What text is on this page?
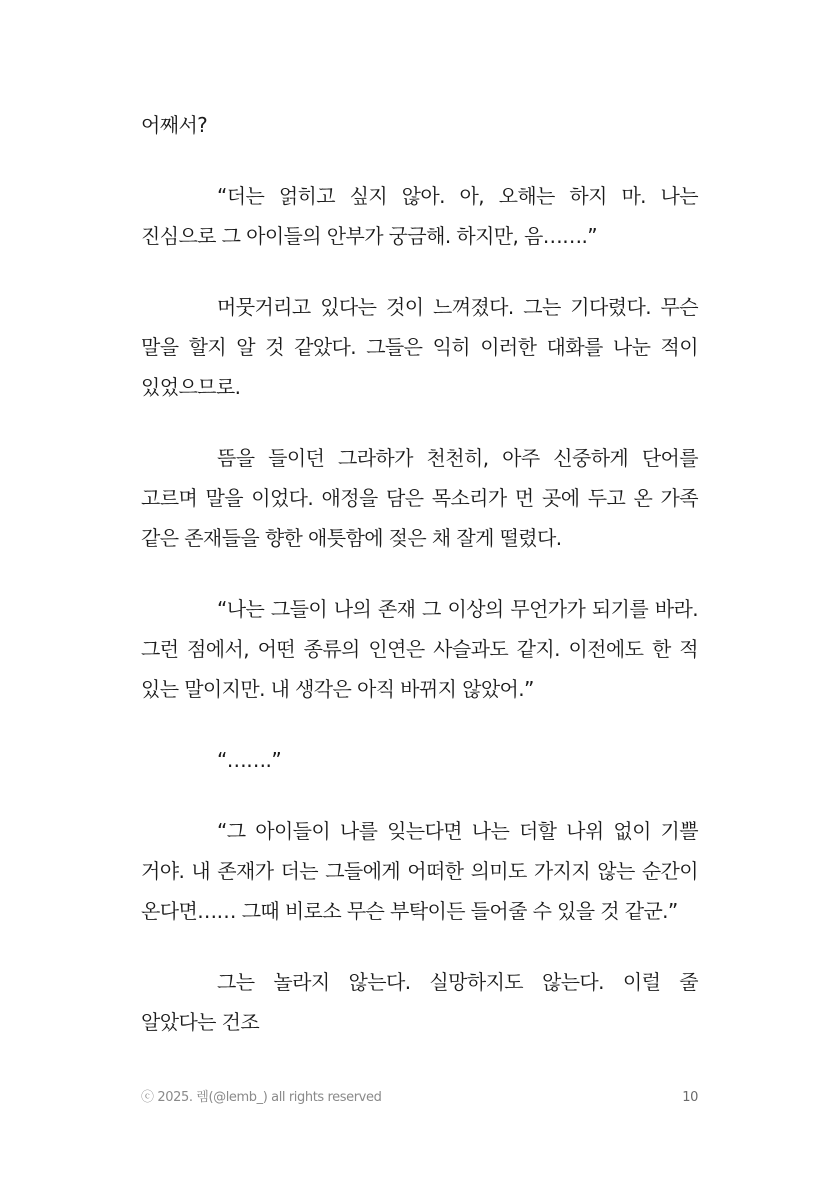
어째서?

“더는 얽히고 싶지 않아. 아, 오해는 하지 마. 나는 진심으로 그 아이들의 안부가 궁금해. 하지만, 음…….”

머뭇거리고 있다는 것이 느껴졌다. 그는 기다렸다. 무슨 말을 할지 알 것 같았다. 그들은 익히 이러한 대화를 나눈 적이 있었으므로.

뜸을 들이던 그라하가 천천히, 아주 신중하게 단어를 고르며 말을 이었다. 애정을 담은 목소리가 먼 곳에 두고 온 가족 같은 존재들을 향한 애틋함에 젖은 채 잘게 떨렸다.

“나는 그들이 나의 존재 그 이상의 무언가가 되기를 바라. 그런 점에서, 어떤 종류의 인연은 사슬과도 같지. 이전에도 한 적 있는 말이지만. 내 생각은 아직 바뀌지 않았어.”

“…….”

“그 아이들이 나를 잊는다면 나는 더할 나위 없이 기쁠 거야. 내 존재가 더는 그들에게 어떠한 의미도 가지지 않는 순간이 온다면…… 그때 비로소 무슨 부탁이든 들어줄 수 있을 것 같군.”

그는 놀라지 않는다. 실망하지도 않는다. 이럴 줄 알았다는 건조

ⓒ 2025. 렘(@lemb_) all rights reserved	10
